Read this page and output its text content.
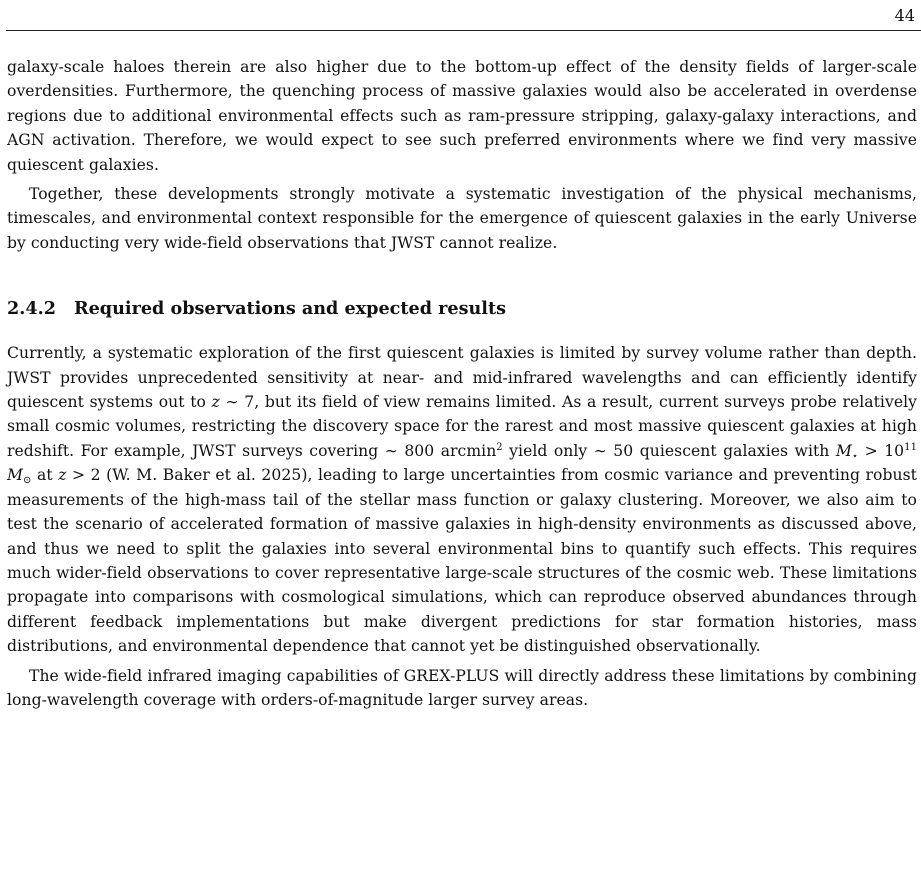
44

galaxy-scale haloes therein are also higher due to the bottom-up effect of the density fields of larger-scale overdensities. Furthermore, the quenching process of massive galaxies would also be accelerated in overdense regions due to additional environmental effects such as ram-pressure stripping, galaxy-galaxy interactions, and AGN activation. Therefore, we would expect to see such preferred environments where we find very massive quiescent galaxies.

Together, these developments strongly motivate a systematic investigation of the physical mechanisms, timescales, and environmental context responsible for the emergence of quiescent galaxies in the early Universe by conducting very wide-field observations that JWST cannot realize.

2.4.2 Required observations and expected results

Currently, a systematic exploration of the first quiescent galaxies is limited by survey volume rather than depth. JWST provides unprecedented sensitivity at near- and mid-infrared wavelengths and can efficiently identify quiescent systems out to z ∼ 7, but its field of view remains limited. As a result, current surveys probe relatively small cosmic volumes, restricting the discovery space for the rarest and most massive quiescent galaxies at high redshift. For example, JWST surveys covering ∼ 800 arcmin$^2$ yield only ∼ 50 quiescent galaxies with $M_⋆ > 10^{11}$ $M_⊙$ at z > 2 (W. M. Baker et al. 2025), leading to large uncertainties from cosmic variance and preventing robust measurements of the high-mass tail of the stellar mass function or galaxy clustering. Moreover, we also aim to test the scenario of accelerated formation of massive galaxies in high-density environments as discussed above, and thus we need to split the galaxies into several environmental bins to quantify such effects. This requires much wider-field observations to cover representative large-scale structures of the cosmic web. These limitations propagate into comparisons with cosmological simulations, which can reproduce observed abundances through different feedback implementations but make divergent predictions for star formation histories, mass distributions, and environmental dependence that cannot yet be distinguished observationally.

The wide-field infrared imaging capabilities of GREX-PLUS will directly address these limitations by combining long-wavelength coverage with orders-of-magnitude larger survey areas.
